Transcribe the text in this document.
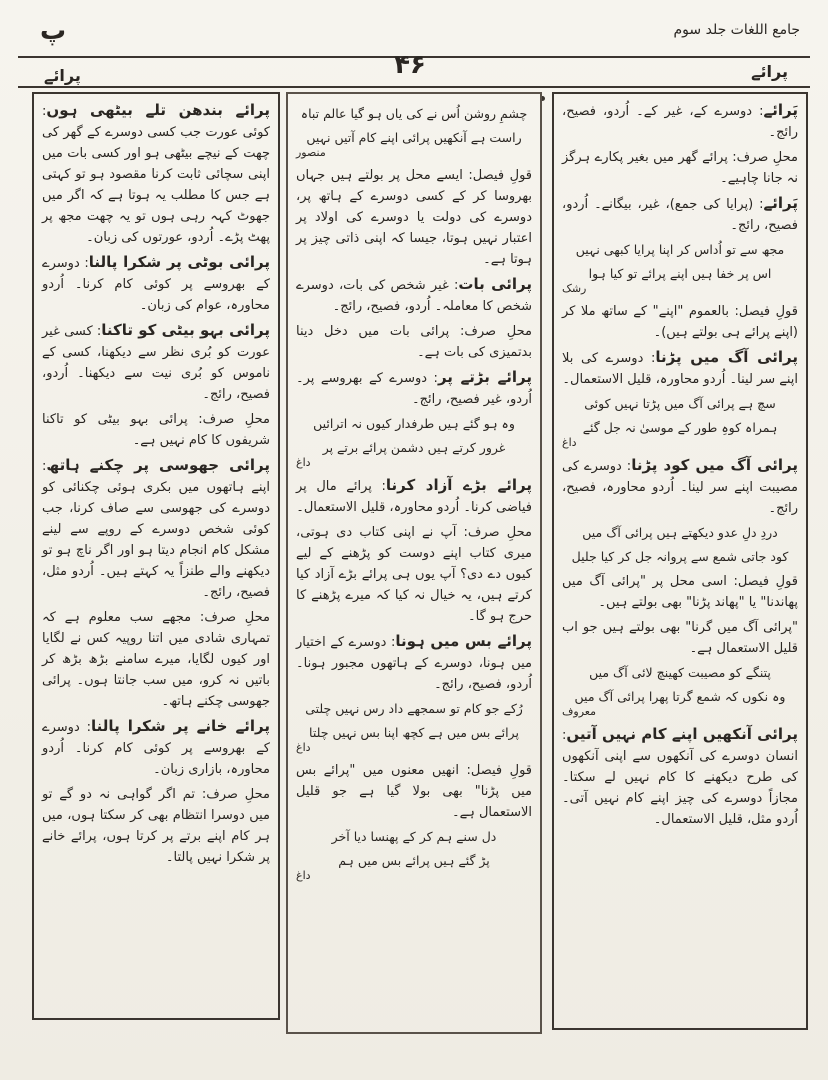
پ	جامع اللغات جلد سوم
۴۶
پرائے	پرائے

پَرائے: دوسرے کے، غیر کے۔ اُردو، فصیح، رائج۔

محلِ صرف: پرائے گھر میں بغیر پکارے ہرگز نہ جانا چاہیے۔

پَرائے: (پرایا کی جمع)، غیر، بیگانے۔ اُردو، فصیح، رائج۔

مجھ سے تو اُداس کر اپنا پرایا کبھی نہیں
اس پر خفا ہیں اپنے پرائے تو کیا ہوا
رشک

قولِ فیصل: بالعموم "اپنے" کے ساتھ ملا کر (اپنے پرائے ہی بولتے ہیں)۔

پرائی آگ میں پڑنا: دوسرے کی بلا اپنے سر لینا۔ اُردو محاورہ، قلیل الاستعمال۔

سچ ہے پرائی آگ میں پڑتا نہیں کوئی
ہمراہ کوہِ طور کے موسیٰ نہ جل گئے
داغ

پرائی آگ میں کود پڑنا: دوسرے کی مصیبت اپنے سر لینا۔ اُردو محاورہ، فصیح، رائج۔

دردِ دلِ عدو دیکھتے ہیں پرائی آگ میں
کود جاتی شمع سے پروانہ جل کر کیا جلیل

قولِ فیصل: اسی محل پر "پرائی آگ میں پھاندنا" یا "پھاند پڑنا" بھی بولتے ہیں۔

"پرائی آگ میں گرنا" بھی بولتے ہیں جو اب قلیل الاستعمال ہے۔

پتنگے کو مصیبت کھینچ لائی آگ میں
وہ نکوں کہ شمع گرتا پھرا پرائی آگ میں
معروف

پرائی آنکھیں اپنے کام نہیں آتیں: انسان دوسرے کی آنکھوں سے اپنی آنکھوں کی طرح دیکھنے کا کام نہیں لے سکتا۔ مجازاً دوسرے کی چیز اپنے کام نہیں آتی۔ اُردو مثل، قلیل الاستعمال۔

چشمِ روشن اُس نے کی یاں ہو گیا عالم تباہ
راست ہے آنکھیں پرائی اپنے کام آتیں نہیں
منصور

قولِ فیصل: ایسے محل پر بولتے ہیں جہاں بھروسا کر کے کسی دوسرے کے ہاتھ پر، دوسرے کی دولت یا دوسرے کی اولاد پر اعتبار نہیں ہوتا، جیسا کہ اپنی ذاتی چیز پر ہوتا ہے۔

پرائی بات: غیر شخص کی بات، دوسرے شخص کا معاملہ۔ اُردو، فصیح، رائج۔

محلِ صرف: پرائی بات میں دخل دینا بدتمیزی کی بات ہے۔

پرائے بڑتے پر: دوسرے کے بھروسے پر۔ اُردو، غیر فصیح، رائج۔

وہ ہو گئے ہیں طرفدار کیوں نہ اترائیں
غرور کرتے ہیں دشمن پرائے برتے پر
داغ

پرائے بڑے آزاد کرنا: پرائے مال پر فیاضی کرنا۔ اُردو محاورہ، قلیل الاستعمال۔

محلِ صرف: آپ نے اپنی کتاب دی ہوتی، میری کتاب اپنے دوست کو پڑھنے کے لیے کیوں دے دی؟ آپ یوں ہی پرائے بڑے آزاد کیا کرتے ہیں، یہ خیال نہ کیا کہ میرے پڑھنے کا حرج ہو گا۔

پرائے بس میں ہونا: دوسرے کے اختیار میں ہونا، دوسرے کے ہاتھوں مجبور ہونا۔ اُردو، فصیح، رائج۔

رُکے جو کام تو سمجھے داد رس نہیں چلتی
پرائے بس میں ہے کچھ اپنا بس نہیں چلتا
داغ

قولِ فیصل: انھیں معنوں میں "پرائے بس میں پڑنا" بھی بولا گیا ہے جو قلیل الاستعمال ہے۔

دل سنے ہم کر کے پھنسا دیا آخر
پڑ گئے ہیں پرائے بس میں ہم
داغ

پرائے بندھن تلے بیٹھی ہوں: کوئی عورت جب کسی دوسرے کے گھر کی چھت کے نیچے بیٹھی ہو اور کسی بات میں اپنی سچائی ثابت کرنا مقصود ہو تو کہتی ہے جس کا مطلب یہ ہوتا ہے کہ اگر میں جھوٹ کہہ رہی ہوں تو یہ چھت مجھ پر پھٹ پڑے۔ اُردو، عورتوں کی زبان۔

پرائی بوٹی پر شکرا پالنا: دوسرے کے بھروسے پر کوئی کام کرنا۔ اُردو محاورہ، عوام کی زبان۔

پرائی بہو بیٹی کو تاکنا: کسی غیر عورت کو بُری نظر سے دیکھنا، کسی کے ناموس کو بُری نیت سے دیکھنا۔ اُردو، فصیح، رائج۔

محلِ صرف: پرائی بہو بیٹی کو تاکنا شریفوں کا کام نہیں ہے۔

پرائی جھوسی پر چکنے ہاتھ: اپنے ہاتھوں میں بکری ہوئی چکنائی کو دوسرے کی جھوسی سے صاف کرنا، جب کوئی شخص دوسرے کے روپے سے لینے مشکل کام انجام دیتا ہو اور اگر ناچ ہو تو دیکھنے والے طنزاً یہ کہتے ہیں۔ اُردو مثل، فصیح، رائج۔

محلِ صرف: مجھے سب معلوم ہے کہ تمہاری شادی میں اتنا روپیہ کس نے لگایا اور کیوں لگایا، میرے سامنے بڑھ بڑھ کر باتیں نہ کرو، میں سب جانتا ہوں۔ پرائی جھوسی چکنے ہاتھ۔

پرائے خانے پر شکرا پالنا: دوسرے کے بھروسے پر کوئی کام کرنا۔ اُردو محاورہ، بازاری زبان۔

محلِ صرف: تم اگر گواہی نہ دو گے تو میں دوسرا انتظام بھی کر سکتا ہوں، میں ہر کام اپنے برتے پر کرتا ہوں، پرائے خانے پر شکرا نہیں پالتا۔
